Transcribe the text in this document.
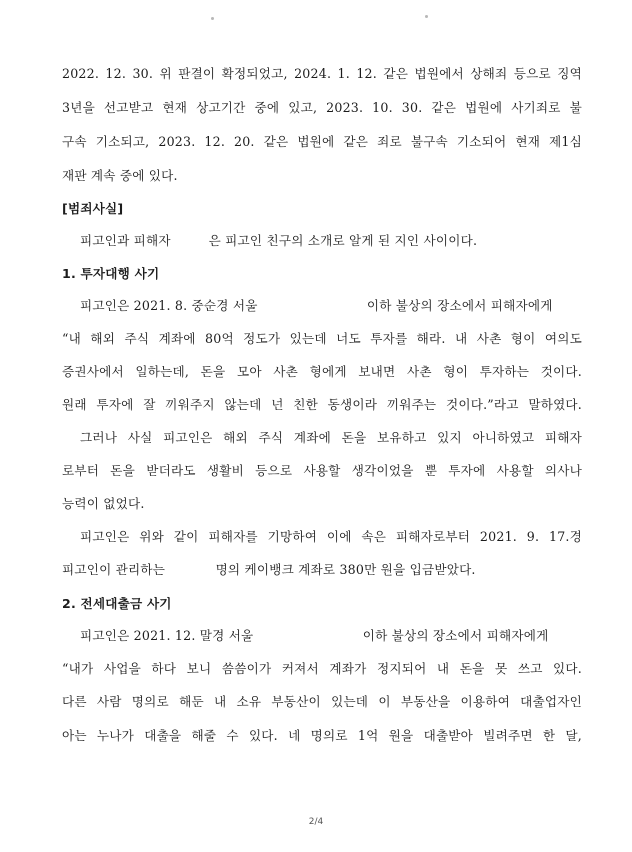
2022. 12. 30. 위 판결이 확정되었고, 2024. 1. 12. 같은 법원에서 상해죄 등으로 징역
3년을 선고받고 현재 상고기간 중에 있고, 2023. 10. 30. 같은 법원에 사기죄로 불
구속 기소되고, 2023. 12. 20. 같은 법원에 같은 죄로 불구속 기소되어 현재 제1심
재판 계속 중에 있다.
[범죄사실]
피고인과 피해자         은 피고인 친구의 소개로 알게 된 지인 사이이다.
1. 투자대행 사기
피고인은 2021. 8. 중순경 서울                          이하 불상의 장소에서 피해자에게
“내 해외 주식 계좌에 80억 정도가 있는데 너도 투자를 해라. 내 사촌 형이 여의도
증권사에서 일하는데, 돈을 모아 사촌 형에게 보내면 사촌 형이 투자하는 것이다.
원래 투자에 잘 끼워주지 않는데 넌 친한 동생이라 끼워주는 것이다.”라고 말하였다.
그러나 사실 피고인은 해외 주식 계좌에 돈을 보유하고 있지 아니하였고 피해자
로부터 돈을 받더라도 생활비 등으로 사용할 생각이었을 뿐 투자에 사용할 의사나
능력이 없었다.
피고인은 위와 같이 피해자를 기망하여 이에 속은 피해자로부터 2021. 9. 17.경
피고인이 관리하는            명의 케이뱅크 계좌로 380만 원을 입금받았다.
2. 전세대출금 사기
피고인은 2021. 12. 말경 서울                          이하 불상의 장소에서 피해자에게
“내가 사업을 하다 보니 씀씀이가 커져서 계좌가 정지되어 내 돈을 못 쓰고 있다.
다른 사람 명의로 해둔 내 소유 부동산이 있는데 이 부동산을 이용하여 대출업자인
아는 누나가 대출을 해줄 수 있다. 네 명의로 1억 원을 대출받아 빌려주면 한 달,
2/4
